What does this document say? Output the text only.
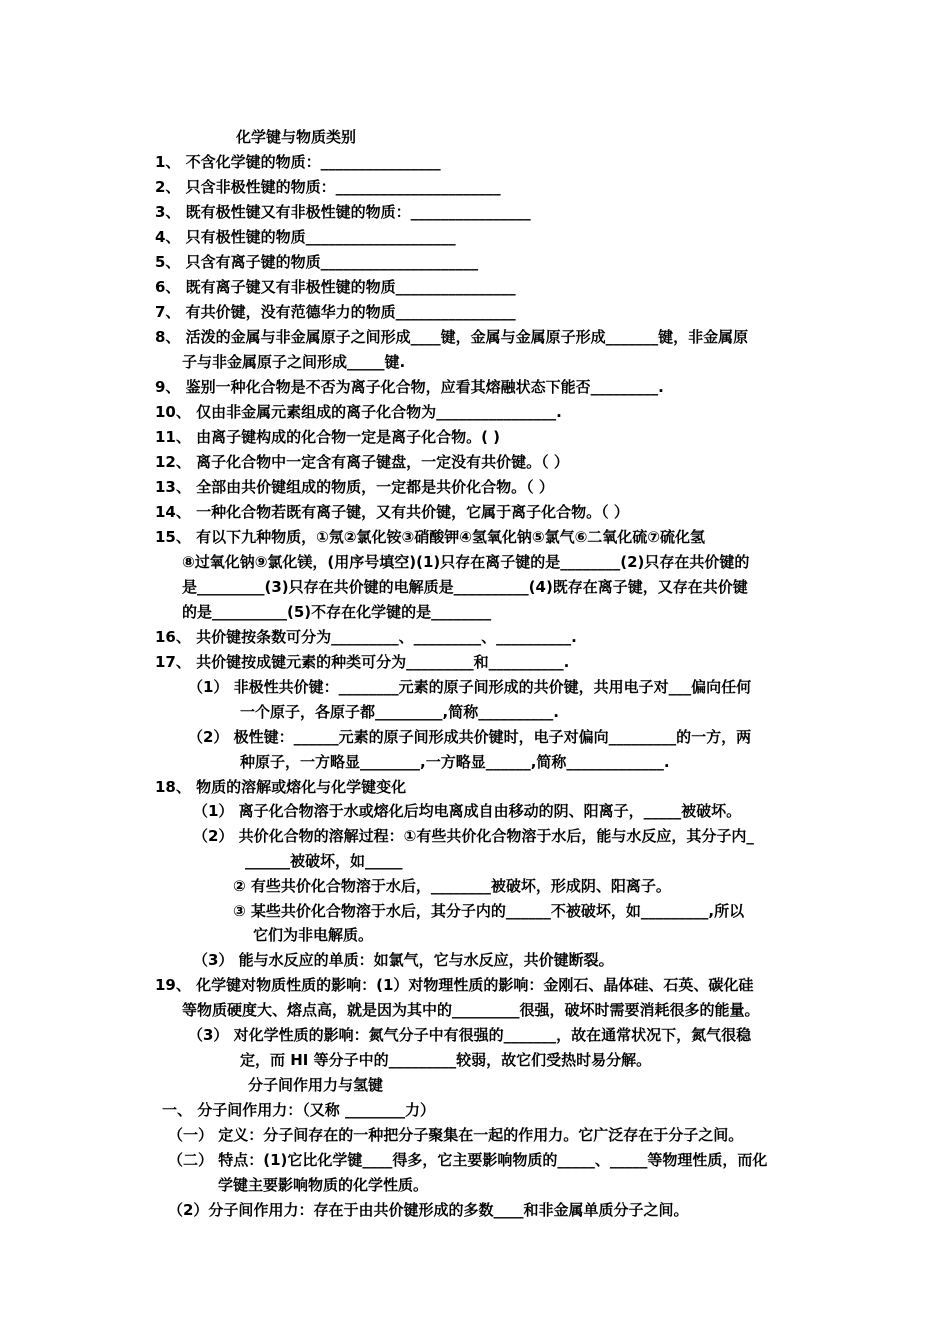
化学键与物质类别
1、 不含化学键的物质：________________
2、 只含非极性键的物质：______________________
3、 既有极性键又有非极性键的物质：________________
4、 只有极性键的物质____________________
5、 只含有离子键的物质_____________________
6、 既有离子键又有非极性键的物质________________
7、 有共价键，没有范德华力的物质________________
8、 活泼的金属与非金属原子之间形成____键，金属与金属原子形成_______键，非金属原
子与非金属原子之间形成_____键.
9、 鉴别一种化合物是不否为离子化合物，应看其熔融状态下能否_________.
10、 仅由非金属元素组成的离子化合物为________________.
11、 由离子键构成的化合物一定是离子化合物。( )
12、 离子化合物中一定含有离子键盘，一定没有共价键。（ ）
13、 全部由共价键组成的物质，一定都是共价化合物。（ ）
14、 一种化合物若既有离子键，又有共价键，它属于离子化合物。（ ）
15、 有以下九种物质，①氖②氯化铵③硝酸钾④氢氧化钠⑤氯气⑥二氧化硫⑦硫化氢
⑧过氧化钠⑨氯化镁，(用序号填空)(1)只存在离子键的是________(2)只存在共价键的
是_________(3)只存在共价键的电解质是__________(4)既存在离子键，又存在共价键
的是__________(5)不存在化学键的是________
16、 共价键按条数可分为_________、_________、__________.
17、 共价键按成键元素的种类可分为_________和__________.
（1） 非极性共价键：________元素的原子间形成的共价键，共用电子对___偏向任何
一个原子，各原子都_________,简称__________.
（2） 极性键：______元素的原子间形成共价键时，电子对偏向_________的一方，两
种原子，一方略显________,一方略显______,简称_____________.
18、 物质的溶解或熔化与化学键变化
（1） 离子化合物溶于水或熔化后均电离成自由移动的阴、阳离子，_____被破坏。
（2） 共价化合物的溶解过程：①有些共价化合物溶于水后，能与水反应，其分子内_
______被破坏，如_____
② 有些共价化合物溶于水后，________被破坏，形成阴、阳离子。
③ 某些共价化合物溶于水后，其分子内的______不被破坏，如_________,所以
它们为非电解质。
（3） 能与水反应的单质：如氯气，它与水反应，共价键断裂。
19、 化学键对物质性质的影响：(1）对物理性质的影响：金刚石、晶体硅、石英、碳化硅
等物质硬度大、熔点高，就是因为其中的_________很强，破坏时需要消耗很多的能量。
（3） 对化学性质的影响：氮气分子中有很强的_______，故在通常状况下，氮气很稳
定，而 HI 等分子中的_________较弱，故它们受热时易分解。
分子间作用力与氢键
一、 分子间作用力：（又称 ________力）
（一） 定义：分子间存在的一种把分子聚集在一起的作用力。它广泛存在于分子之间。
（二） 特点：(1)它比化学键____得多，它主要影响物质的_____、_____等物理性质，而化
学键主要影响物质的化学性质。
（2）分子间作用力：存在于由共价键形成的多数____和非金属单质分子之间。
